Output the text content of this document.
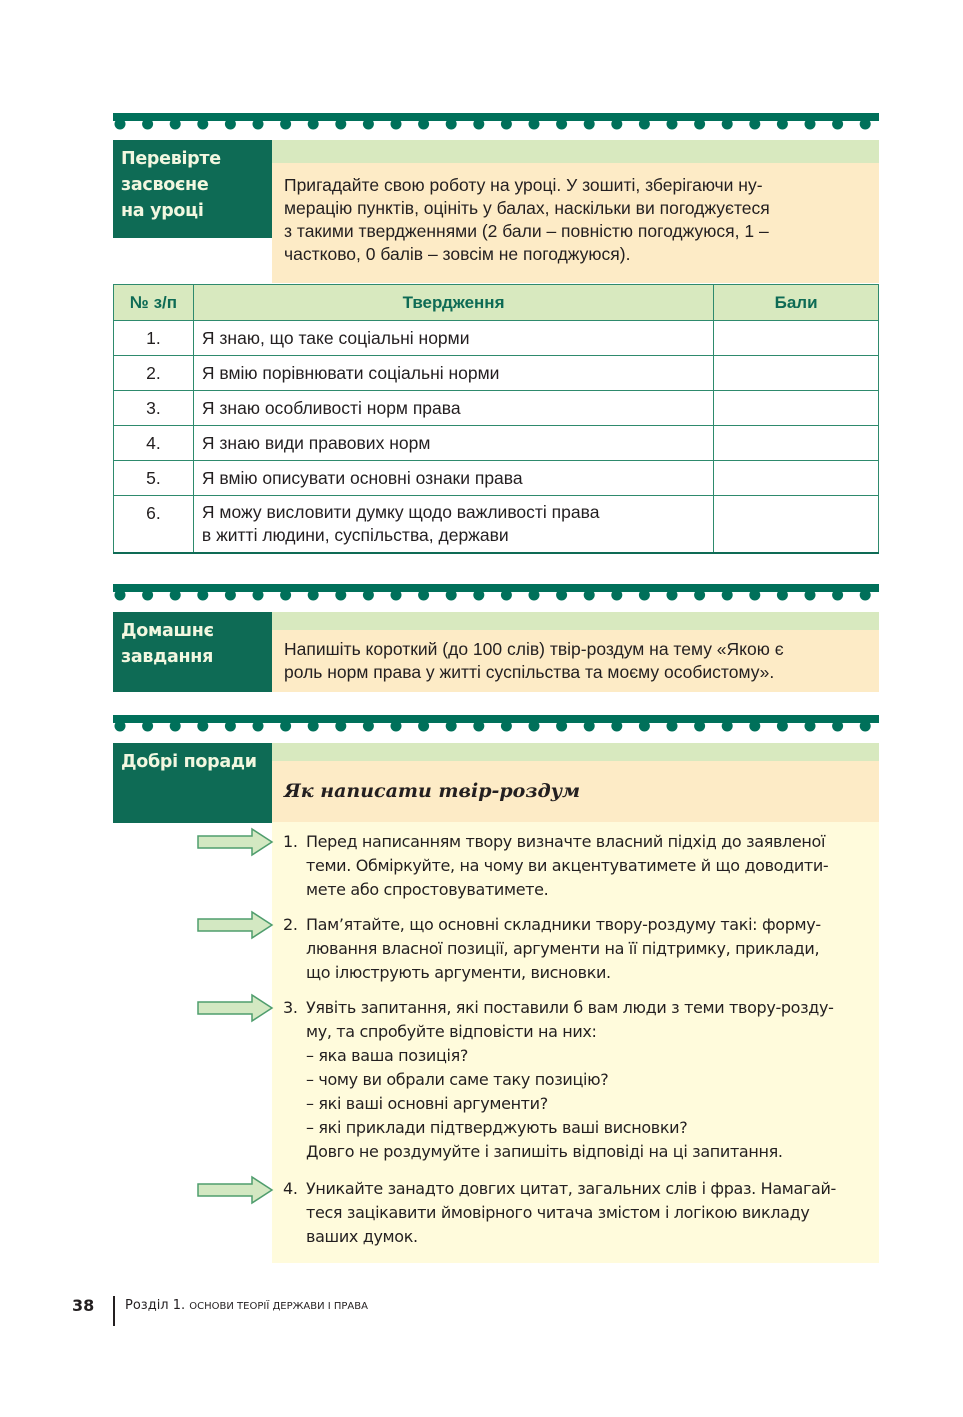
Перевірте
засвоєне
на уроці
Пригадайте свою роботу на уроці. У зошиті, зберігаючи ну-
мерацію пунктів, оцініть у балах, наскільки ви погоджуєтеся
з такими твердженнями (2 бали – повністю погоджуюся, 1 –
частково, 0 балів – зовсім не погоджуюся).
№ з/п	Твердження	Бали
1.	Я знаю, що таке соціальні норми	
2.	Я вмію порівнювати соціальні норми	
3.	Я знаю особливості норм права	
4.	Я знаю види правових норм	
5.	Я вмію описувати основні ознаки права	
6.	Я можу висловити думку щодо важливості права
в житті людини, суспільства, держави	

Домашнє
завдання	Напишіть короткий (до 100 слів) твір-роздум на тему «Якою є
роль норм права у житті суспільства та моєму особистому».
Добрі поради
Як написати твір-роздум
1. Перед написанням твору визначте власний підхід до заявленої
теми. Обміркуйте, на чому ви акцентуватимете й що доводити-
мете або спростовуватимете.
2. Пам’ятайте, що основні складники твору-роздуму такі: форму-
лювання власної позиції, аргументи на її підтримку, приклади,
що ілюструють аргументи, висновки.
3. Уявіть запитання, які поставили б вам люди з теми твору-розду-
му, та спробуйте відповісти на них:
– яка ваша позиція?
– чому ви обрали саме таку позицію?
– які ваші основні аргументи?
– які приклади підтверджують ваші висновки?
Довго не роздумуйте і запишіть відповіді на ці запитання.
4. Уникайте занадто довгих цитат, загальних слів і фраз. Намагай-
теся зацікавити ймовірного читача змістом і логікою викладу
ваших думок.
38 Розділ 1. ОСНОВИ ТЕОРІЇ ДЕРЖАВИ І ПРАВА
